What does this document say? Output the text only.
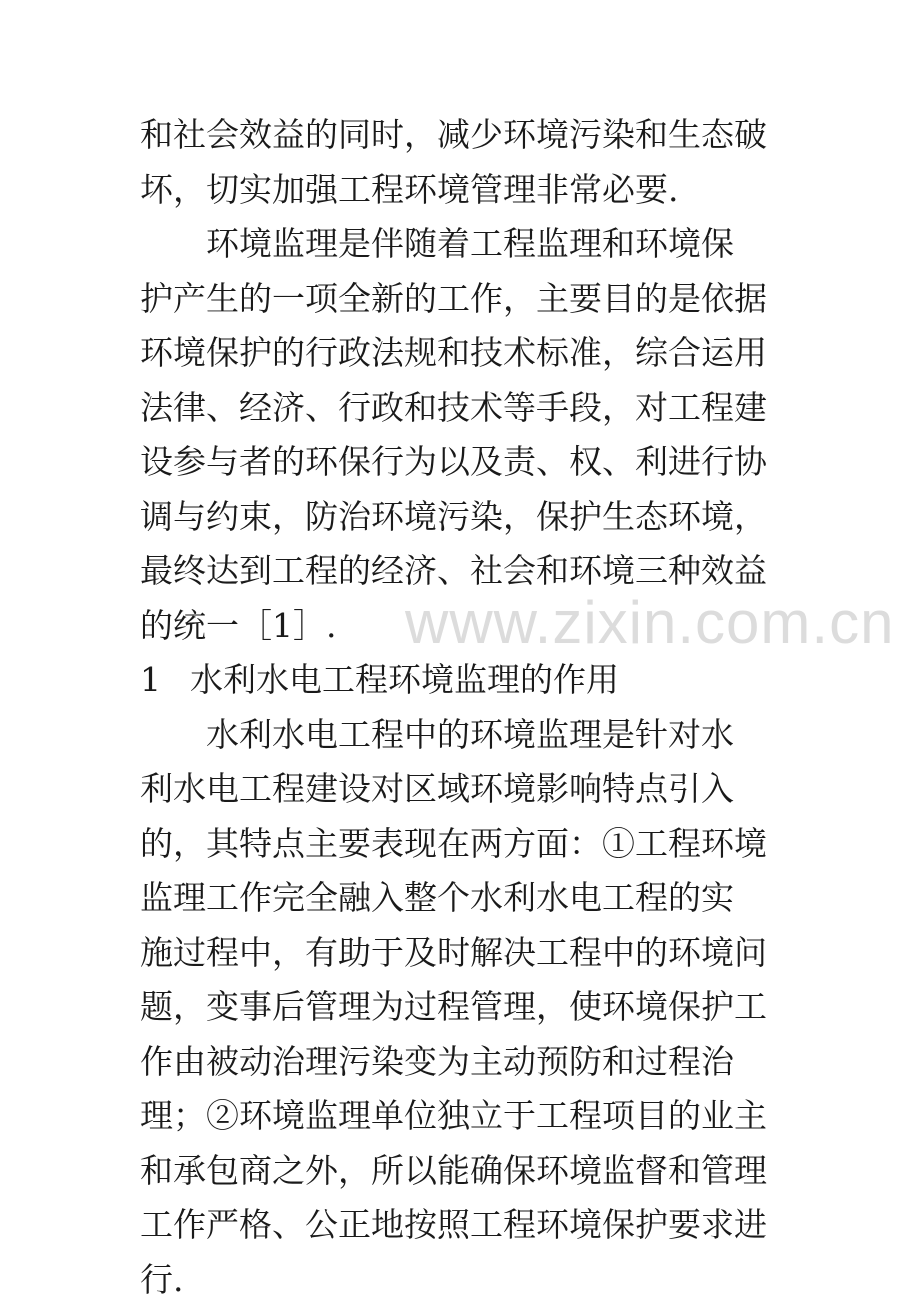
www.zixin.com.cn
和社会效益的同时，减少环境污染和生态破
坏，切实加强工程环境管理非常必要.
环境监理是伴随着工程监理和环境保
护产生的一项全新的工作，主要目的是依据
环境保护的行政法规和技术标准，综合运用
法律、经济、行政和技术等手段，对工程建
设参与者的环保行为以及责、权、利进行协
调与约束，防治环境污染，保护生态环境，
最终达到工程的经济、社会和环境三种效益
的统一［1］.
1 水利水电工程环境监理的作用
水利水电工程中的环境监理是针对水
利水电工程建设对区域环境影响特点引入
的，其特点主要表现在两方面：①工程环境
监理工作完全融入整个水利水电工程的实
施过程中，有助于及时解决工程中的环境问
题，变事后管理为过程管理，使环境保护工
作由被动治理污染变为主动预防和过程治
理；②环境监理单位独立于工程项目的业主
和承包商之外，所以能确保环境监督和管理
工作严格、公正地按照工程环境保护要求进
行.
